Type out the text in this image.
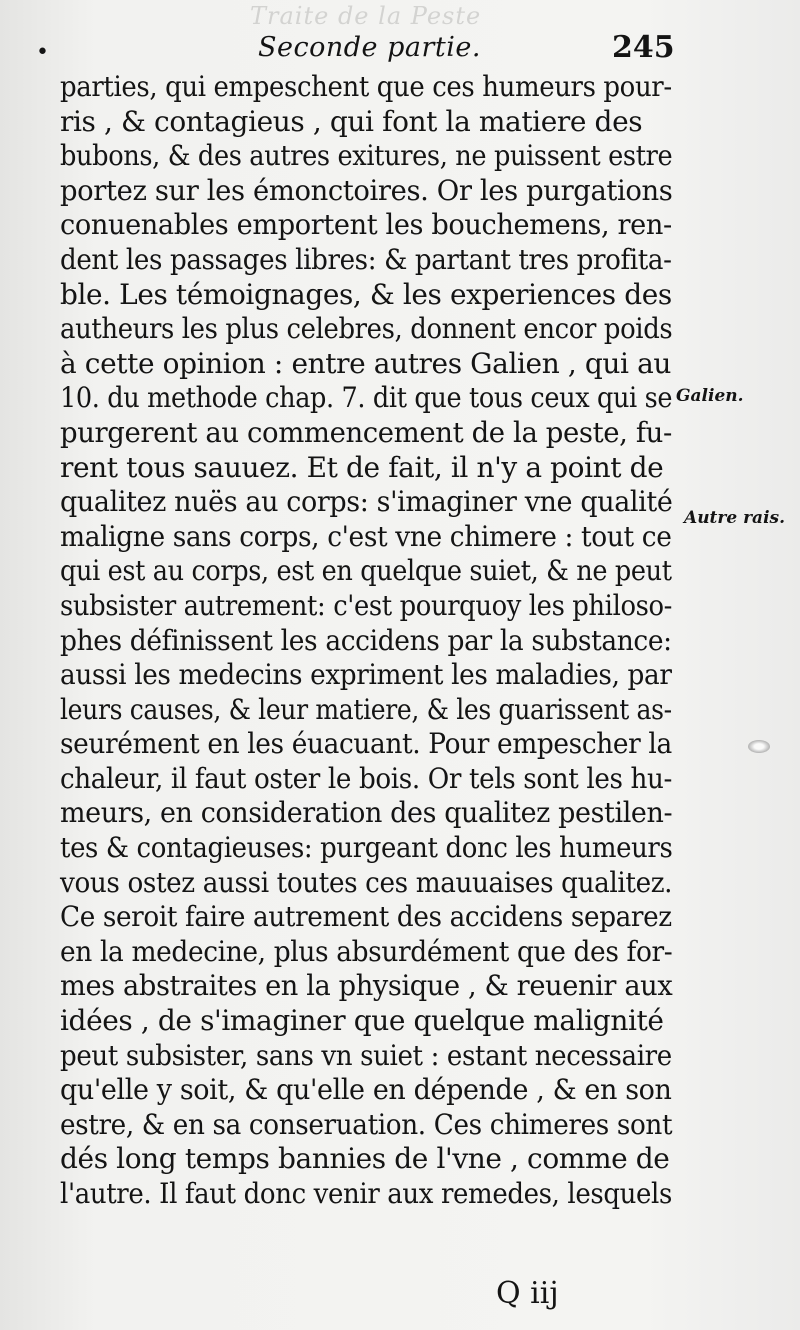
Traite de la Peste
•	Seconde partie.	245
parties, qui empeschent que ces humeurs pour-
ris , & contagieus , qui font la matiere des
bubons, & des autres exitures, ne puissent estre
portez sur les émonctoires. Or les purgations
conuenables emportent les bouchemens, ren-
dent les passages libres: & partant tres profita-
ble. Les témoignages, & les experiences des
autheurs les plus celebres, donnent encor poids
à cette opinion : entre autres Galien , qui au
10. du methode chap. 7. dit que tous ceux qui se
purgerent au commencement de la peste, fu-
rent tous sauuez. Et de fait, il n'y a point de
qualitez nuës au corps: s'imaginer vne qualité
maligne sans corps, c'est vne chimere : tout ce
qui est au corps, est en quelque suiet, & ne peut
subsister autrement: c'est pourquoy les philoso-
phes définissent les accidens par la substance:
aussi les medecins expriment les maladies, par
leurs causes, & leur matiere, & les guarissent as-
seurément en les éuacuant. Pour empescher la
chaleur, il faut oster le bois. Or tels sont les hu-
meurs, en consideration des qualitez pestilen-
tes & contagieuses: purgeant donc les humeurs
vous ostez aussi toutes ces mauuaises qualitez.
Ce seroit faire autrement des accidens separez
en la medecine, plus absurdément que des for-
mes abstraites en la physique , & reuenir aux
idées , de s'imaginer que quelque malignité
peut subsister, sans vn suiet : estant necessaire
qu'elle y soit, & qu'elle en dépende , & en son
estre, & en sa conseruation. Ces chimeres sont
dés long temps bannies de l'vne , comme de
l'autre. Il faut donc venir aux remedes, lesquels
Galien.
Autre rais.
Q iij
